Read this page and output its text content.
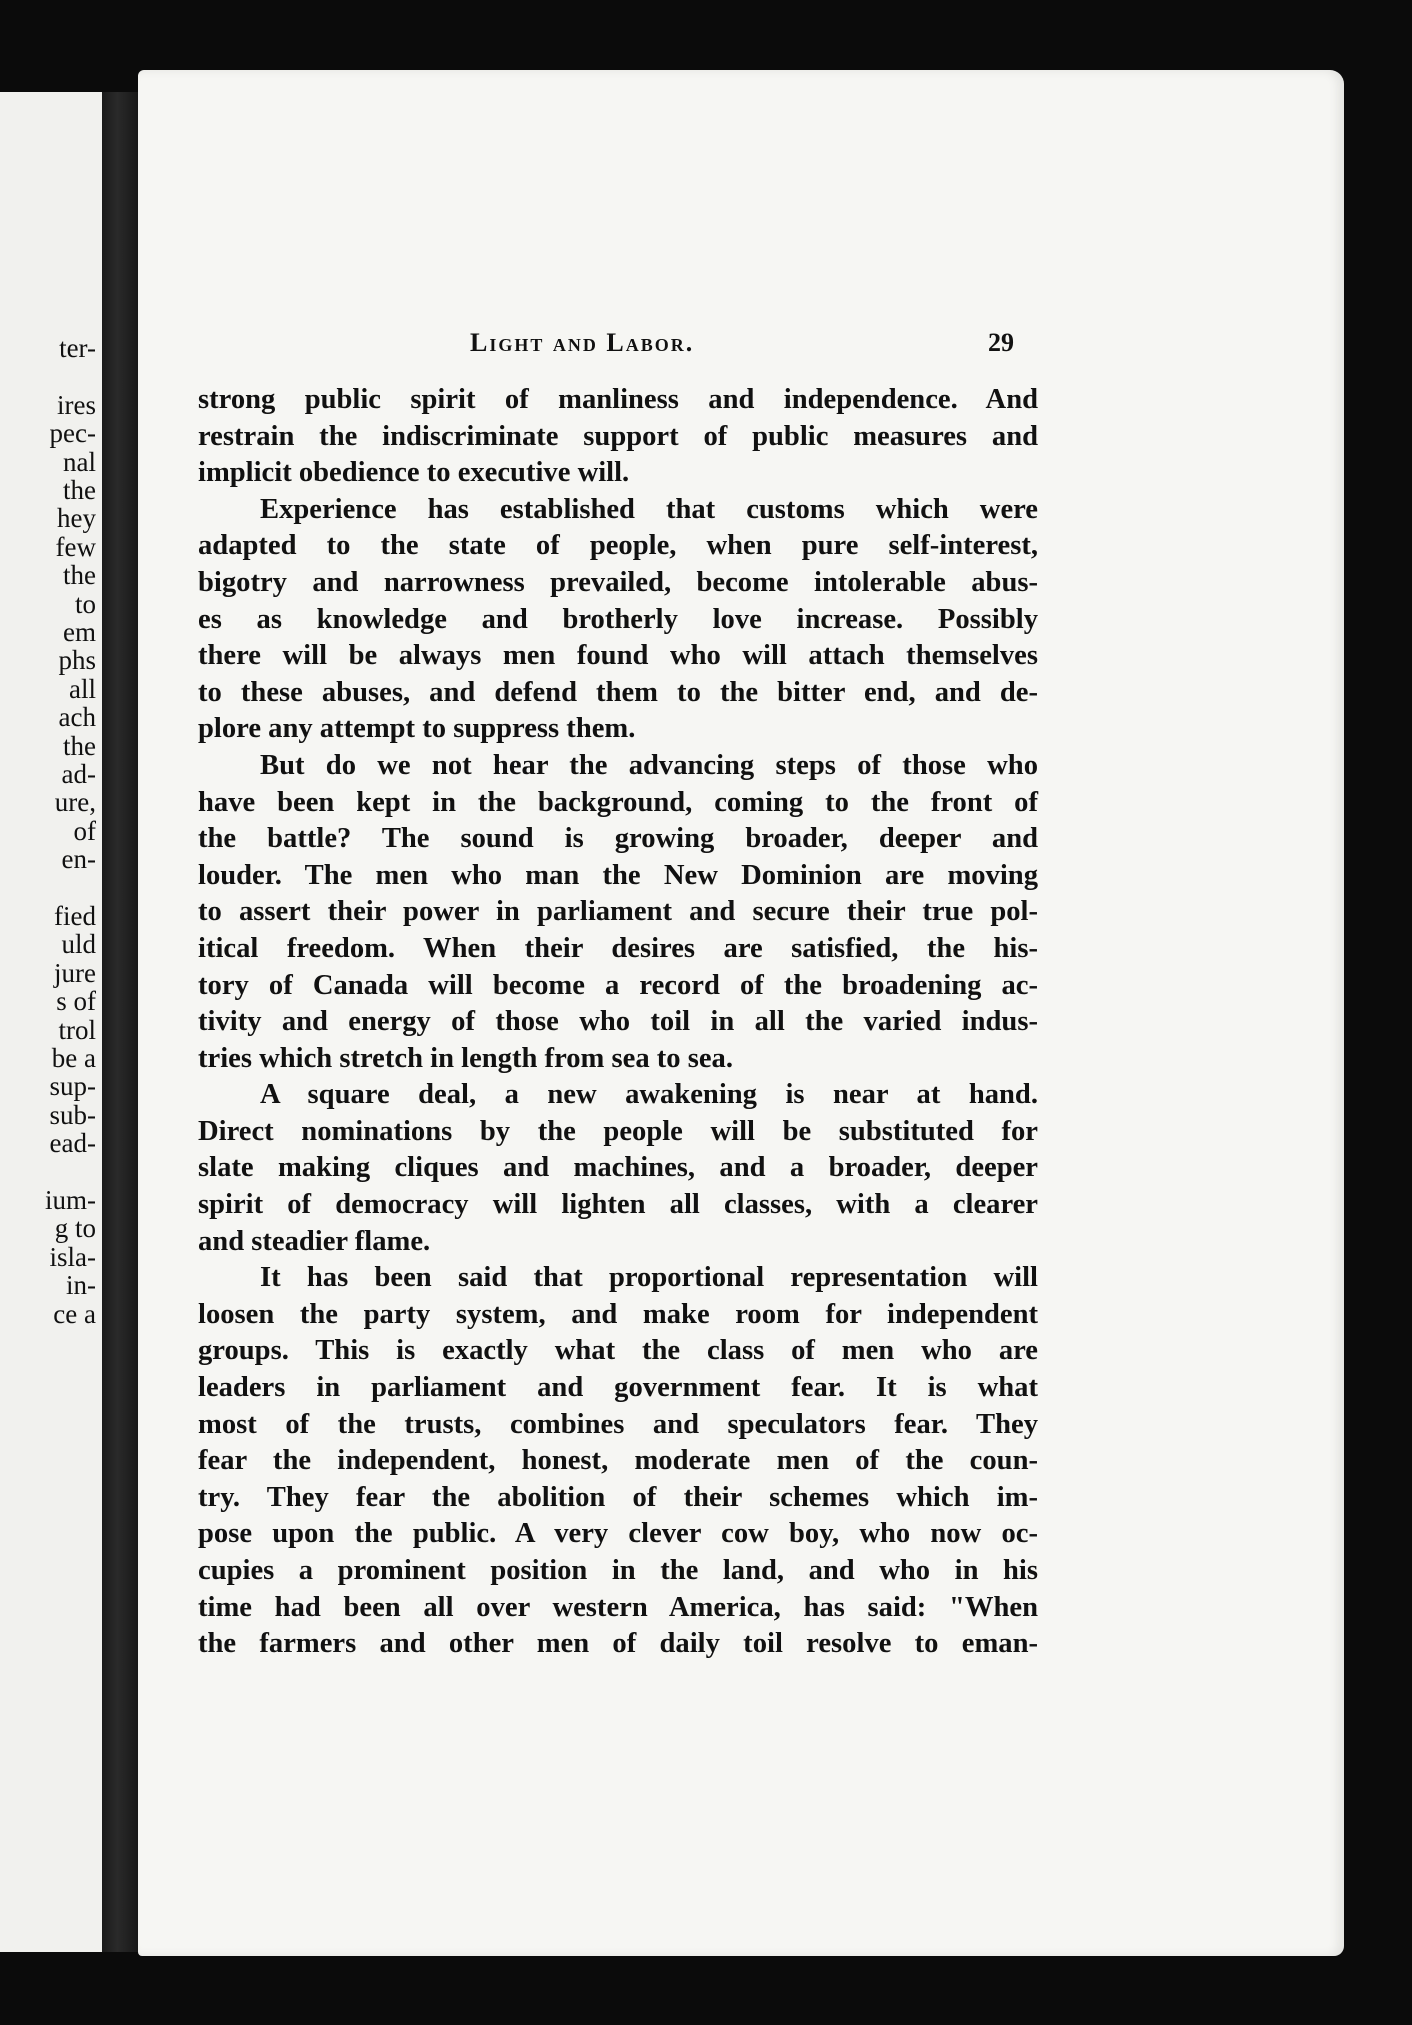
ter-
ires
pec-
nal
the
hey
few
the
to
em
phs
all
ach
the
ad-
ure,
of
en-
fied
uld
jure
s of
trol
be a
sup-
sub-
ead-
ium-
g to
isla-
in-
ce a
Light and Labor.	29
strong public spirit of manliness and independence. And
restrain the indiscriminate support of public measures and
implicit obedience to executive will.
Experience has established that customs which were
adapted to the state of people, when pure self-interest,
bigotry and narrowness prevailed, become intolerable abus-
es as knowledge and brotherly love increase. Possibly
there will be always men found who will attach themselves
to these abuses, and defend them to the bitter end, and de-
plore any attempt to suppress them.
But do we not hear the advancing steps of those who
have been kept in the background, coming to the front of
the battle? The sound is growing broader, deeper and
louder. The men who man the New Dominion are moving
to assert their power in parliament and secure their true pol-
itical freedom. When their desires are satisfied, the his-
tory of Canada will become a record of the broadening ac-
tivity and energy of those who toil in all the varied indus-
tries which stretch in length from sea to sea.
A square deal, a new awakening is near at hand.
Direct nominations by the people will be substituted for
slate making cliques and machines, and a broader, deeper
spirit of democracy will lighten all classes, with a clearer
and steadier flame.
It has been said that proportional representation will
loosen the party system, and make room for independent
groups. This is exactly what the class of men who are
leaders in parliament and government fear. It is what
most of the trusts, combines and speculators fear. They
fear the independent, honest, moderate men of the coun-
try. They fear the abolition of their schemes which im-
pose upon the public. A very clever cow boy, who now oc-
cupies a prominent position in the land, and who in his
time had been all over western America, has said: "When
the farmers and other men of daily toil resolve to eman-
